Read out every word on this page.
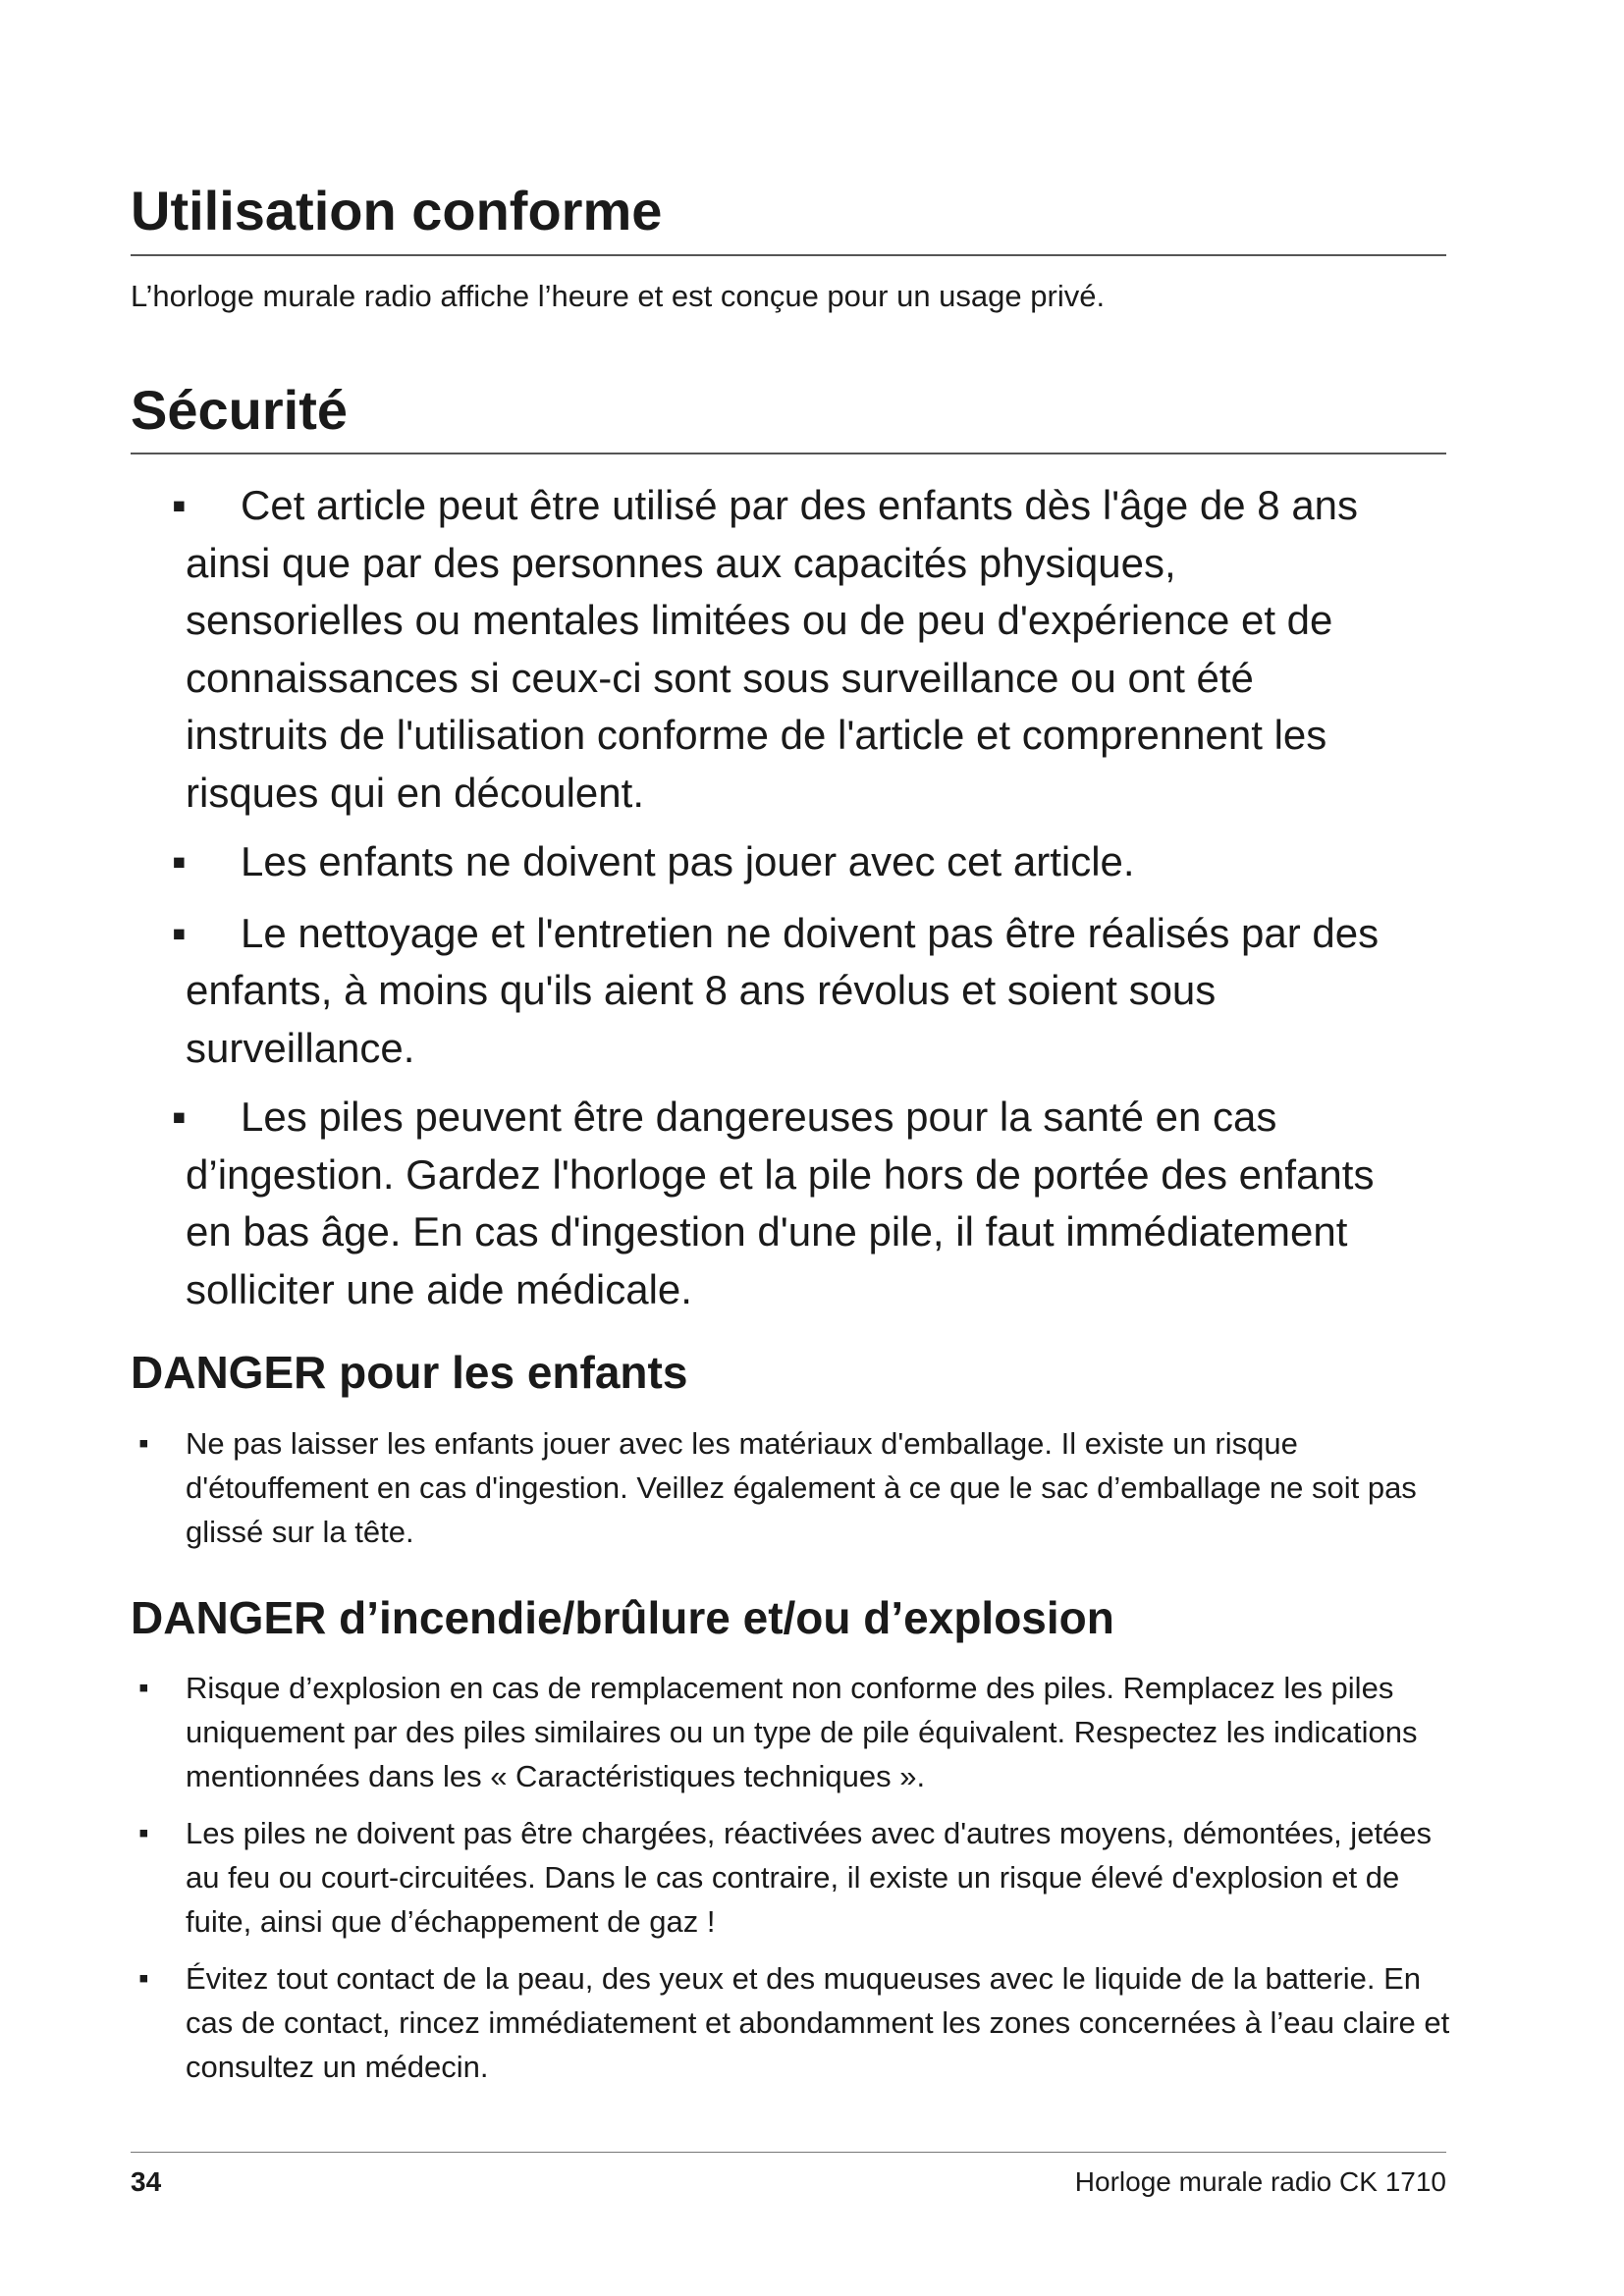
Utilisation conforme

L’horloge murale radio affiche l’heure et est conçue pour un usage privé.

Sécurité
▪	Cet article peut être utilisé par des enfants dès l'âge de 8 ans ainsi que par des personnes aux capacités physiques, sensorielles ou mentales limitées ou de peu d'expérience et de connaissances si ceux-ci sont sous surveillance ou ont été instruits de l'utilisation conforme de l'article et comprennent les risques qui en découlent.
▪	Les enfants ne doivent pas jouer avec cet article.
▪	Le nettoyage et l'entretien ne doivent pas être réalisés par des enfants, à moins qu'ils aient 8 ans révolus et soient sous surveillance.
▪	Les piles peuvent être dangereuses pour la santé en cas d’ingestion. Gardez l'horloge et la pile hors de portée des enfants en bas âge. En cas d'ingestion d'une pile, il faut immédiatement solliciter une aide médicale.
DANGER pour les enfants
▪ Ne pas laisser les enfants jouer avec les matériaux d'emballage. Il existe un risque d'étouffement en cas d'ingestion. Veillez également à ce que le sac d’emballage ne soit pas glissé sur la tête.
DANGER d’incendie/brûlure et/ou d’explosion
▪ Risque d’explosion en cas de remplacement non conforme des piles. Remplacez les piles uniquement par des piles similaires ou un type de pile équivalent. Respectez les indications mentionnées dans les « Caractéristiques techniques ».
▪ Les piles ne doivent pas être chargées, réactivées avec d'autres moyens, démontées, jetées au feu ou court-circuitées. Dans le cas contraire, il existe un risque élevé d'explosion et de fuite, ainsi que d’échappement de gaz !
▪ Évitez tout contact de la peau, des yeux et des muqueuses avec le liquide de la batterie. En cas de contact, rincez immédiatement et abondamment les zones concernées à l’eau claire et consultez un médecin.
34	Horloge murale radio CK 1710
